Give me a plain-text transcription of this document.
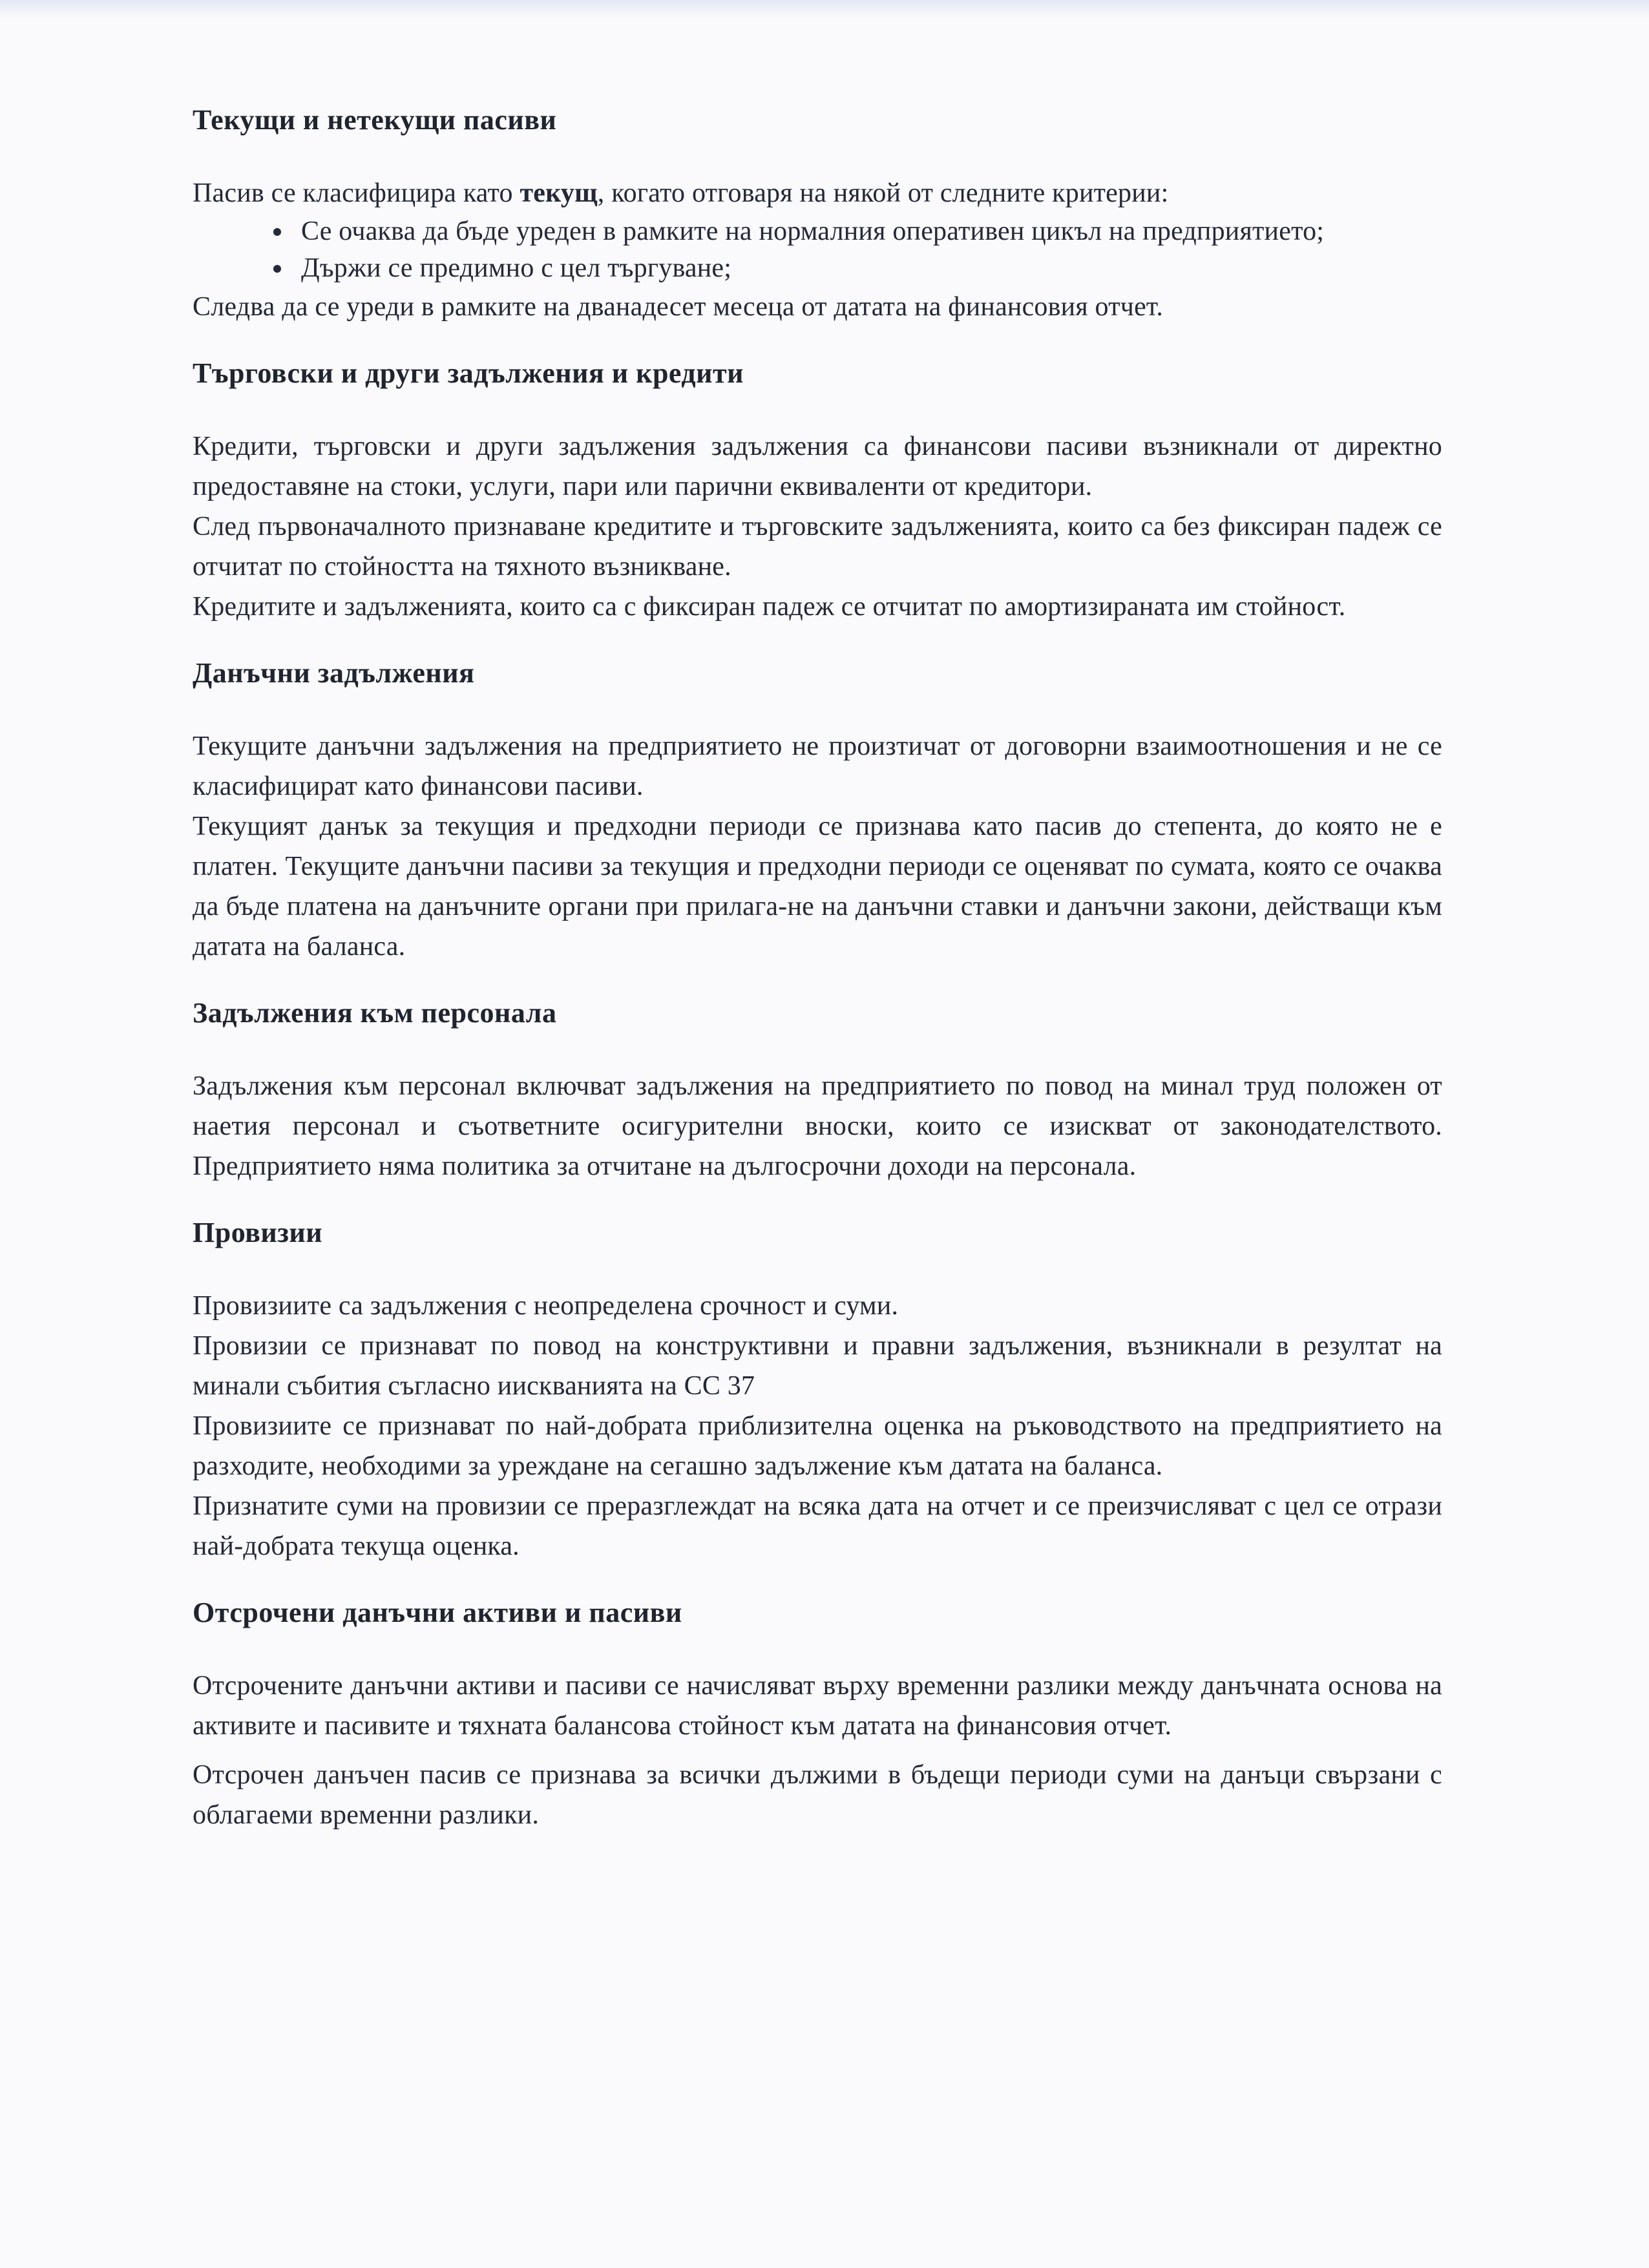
Текущи и нетекущи пасиви

Пасив се класифицира като текущ, когато отговаря на някой от следните критерии:

• Се очаква да бъде уреден в рамките на нормалния оперативен цикъл на предприятието;
• Държи се предимно с цел търгуване;

Следва да се уреди в рамките на дванадесет месеца от датата на финансовия отчет.

Търговски и други задължения и кредити

Кредити, търговски и други задължения задължения са финансови пасиви възникнали от директно предоставяне на стоки, услуги, пари или парични еквиваленти от кредитори.

След първоначалното признаване кредитите и търговските задълженията, които са без фиксиран падеж се отчитат по стойността на тяхното възникване.

Кредитите и задълженията, които са с фиксиран падеж се отчитат по амортизираната им стойност.

Данъчни задължения

Текущите данъчни задължения на предприятието не произтичат от договорни взаимоотношения и не се класифицират като финансови пасиви.

Текущият данък за текущия и предходни периоди се признава като пасив до степента, до която не е платен. Текущите данъчни пасиви за текущия и предходни периоди се оценяват по сумата, която се очаква да бъде платена на данъчните органи при прилага-не на данъчни ставки и данъчни закони, действащи към датата на баланса.

Задължения към персонала

Задължения към персонал включват задължения на предприятието по повод на минал труд положен от наетия персонал и съответните осигурителни вноски, които се изискват от законодателството. Предприятието няма политика за отчитане на дългосрочни доходи на персонала.

Провизии

Провизиите са задължения с неопределена срочност и суми.

Провизии се признават по повод на конструктивни и правни задължения, възникнали в резултат на минали събития съгласно иискванията на СС 37

Провизиите се признават по най-добрата приблизителна оценка на ръководството на предприятието на разходите, необходими за уреждане на сегашно задължение към датата на баланса.

Признатите суми на провизии се преразглеждат на всяка дата на отчет и се преизчисляват с цел се отрази най-добрата текуща оценка.

Отсрочени данъчни активи и пасиви

Отсрочените данъчни активи и пасиви се начисляват върху временни разлики между данъчната основа на активите и пасивите и тяхната балансова стойност към датата на финансовия отчет.

Отсрочен данъчен пасив се признава за всички дължими в бъдещи периоди суми на данъци свързани с облагаеми временни разлики.
